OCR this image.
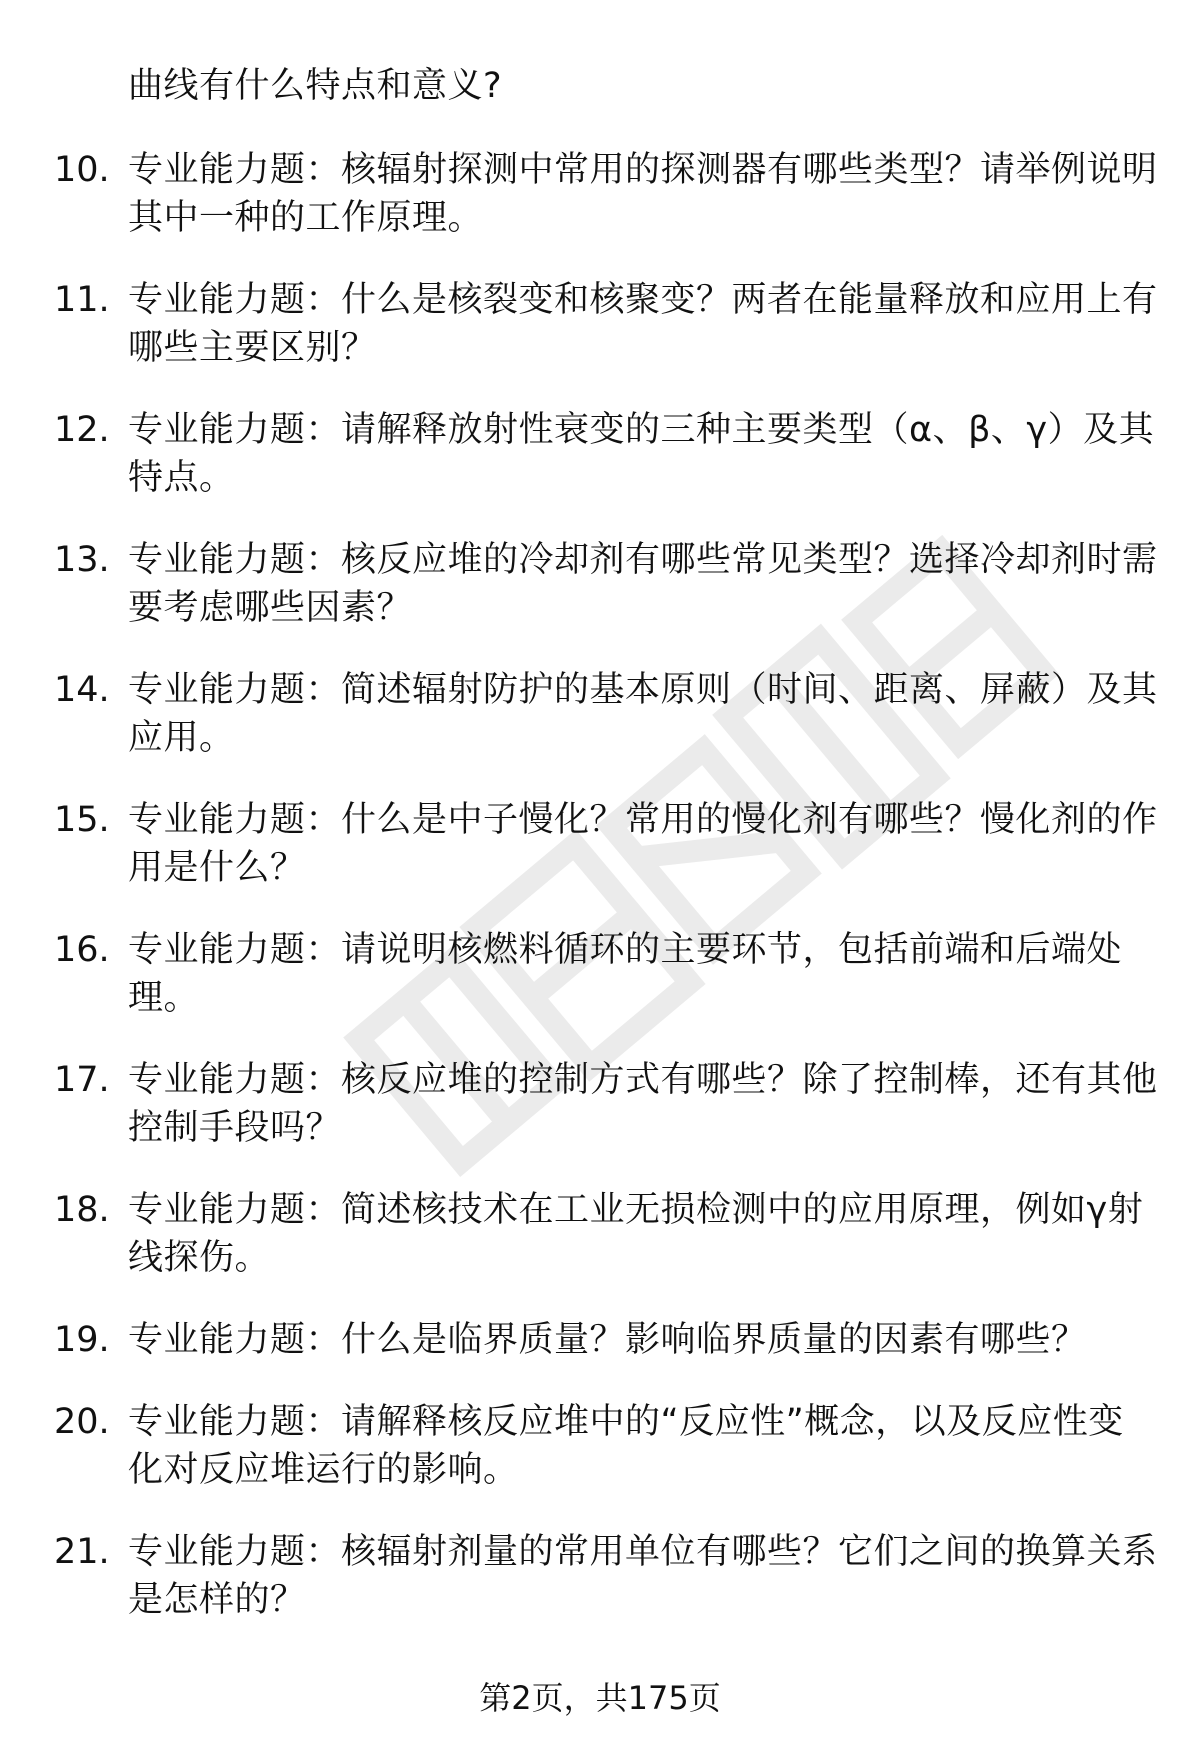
曲线有什么特点和意义?
10. 专业能力题：核辐射探测中常用的探测器有哪些类型？请举例说明其中一种的工作原理。
11. 专业能力题：什么是核裂变和核聚变？两者在能量释放和应用上有哪些主要区别？
12. 专业能力题：请解释放射性衰变的三种主要类型（α、β、γ）及其特点。
13. 专业能力题：核反应堆的冷却剂有哪些常见类型？选择冷却剂时需要考虑哪些因素？
14. 专业能力题：简述辐射防护的基本原则（时间、距离、屏蔽）及其应用。
15. 专业能力题：什么是中子慢化？常用的慢化剂有哪些？慢化剂的作用是什么？
16. 专业能力题：请说明核燃料循环的主要环节，包括前端和后端处理。
17. 专业能力题：核反应堆的控制方式有哪些？除了控制棒，还有其他控制手段吗？
18. 专业能力题：简述核技术在工业无损检测中的应用原理，例如γ射线探伤。
19. 专业能力题：什么是临界质量？影响临界质量的因素有哪些？
20. 专业能力题：请解释核反应堆中的“反应性”概念，以及反应性变化对反应堆运行的影响。
21. 专业能力题：核辐射剂量的常用单位有哪些？它们之间的换算关系是怎样的？
第2页，共175页
